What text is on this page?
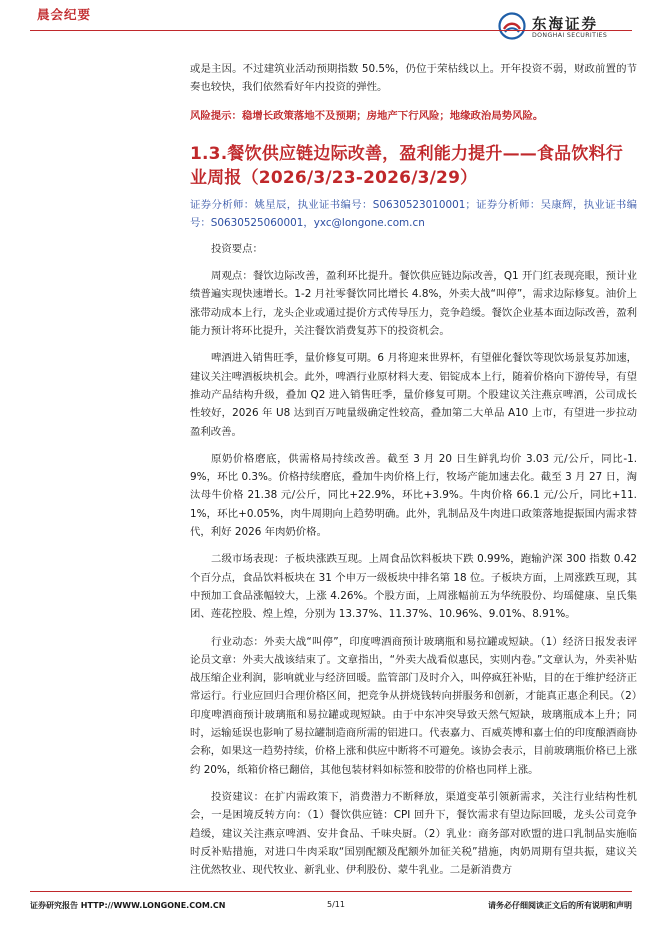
晨会纪要
东海证券
DONGHAI SECURITIES

或是主因。不过建筑业活动预期指数 50.5%，仍位于荣枯线以上。开年投资不弱，财政前置的节奏也较快，我们依然看好年内投资的弹性。

风险提示：稳增长政策落地不及预期；房地产下行风险；地缘政治局势风险。
1.3.餐饮供应链边际改善，盈利能力提升——食品饮料行业周报（2026/3/23-2026/3/29）
证券分析师：姚星辰，执业证书编号：S0630523010001；证券分析师：吴康辉，执业证书编号：S0630525060001，yxc@longone.com.cn

投资要点：

周观点：餐饮边际改善，盈利环比提升。餐饮供应链边际改善，Q1 开门红表现亮眼，预计业绩普遍实现快速增长。1-2 月社零餐饮同比增长 4.8%，外卖大战“叫停”，需求边际修复。油价上涨带动成本上行，龙头企业或通过提价方式传导压力，竞争趋缓。餐饮企业基本面边际改善，盈利能力预计将环比提升，关注餐饮消费复苏下的投资机会。

啤酒进入销售旺季，量价修复可期。6 月将迎来世界杯，有望催化餐饮等现饮场景复苏加速，建议关注啤酒板块机会。此外，啤酒行业原材料大麦、铝锭成本上行，随着价格向下游传导，有望推动产品结构升级，叠加 Q2 进入销售旺季，量价修复可期。个股建议关注燕京啤酒，公司成长性较好，2026 年 U8 达到百万吨量级确定性较高，叠加第二大单品 A10 上市，有望进一步拉动盈利改善。

原奶价格磨底，供需格局持续改善。截至 3 月 20 日生鲜乳均价 3.03 元/公斤，同比-1.9%，环比 0.3%。价格持续磨底，叠加牛肉价格上行，牧场产能加速去化。截至 3 月 27 日，淘汰母牛价格 21.38 元/公斤，同比+22.9%，环比+3.9%。牛肉价格 66.1 元/公斤，同比+11.1%，环比+0.05%，肉牛周期向上趋势明确。此外，乳制品及牛肉进口政策落地提振国内需求替代，利好 2026 年肉奶价格。

二级市场表现：子板块涨跌互现。上周食品饮料板块下跌 0.99%，跑输沪深 300 指数 0.42 个百分点，食品饮料板块在 31 个申万一级板块中排名第 18 位。子板块方面，上周涨跌互现，其中预加工食品涨幅较大，上涨 4.26%。个股方面，上周涨幅前五为华统股份、均瑶健康、皇氏集团、莲花控股、煌上煌，分别为 13.37%、11.37%、10.96%、9.01%、8.91%。

行业动态：外卖大战“叫停”，印度啤酒商预计玻璃瓶和易拉罐或短缺。（1）经济日报发表评论员文章：外卖大战该结束了。文章指出，“外卖大战看似惠民，实则内卷。”文章认为，外卖补贴战压缩企业利润，影响就业与经济回暖。监管部门及时介入，叫停疯狂补贴，目的在于维护经济正常运行。行业应回归合理价格区间，把竞争从拼烧钱转向拼服务和创新，才能真正惠企利民。（2）印度啤酒商预计玻璃瓶和易拉罐或现短缺。由于中东冲突导致天然气短缺，玻璃瓶成本上升；同时，运输延误也影响了易拉罐制造商所需的铝进口。代表嘉力、百威英博和嘉士伯的印度酿酒商协会称，如果这一趋势持续，价格上涨和供应中断将不可避免。该协会表示，目前玻璃瓶价格已上涨约 20%，纸箱价格已翻倍，其他包装材料如标签和胶带的价格也同样上涨。

投资建议：在扩内需政策下，消费潜力不断释放，渠道变革引领新需求，关注行业结构性机会，一是困境反转方向：（1）餐饮供应链：CPI 回升下，餐饮需求有望边际回暖，龙头公司竞争趋缓，建议关注燕京啤酒、安井食品、千味央厨。（2）乳业：商务部对欧盟的进口乳制品实施临时反补贴措施，对进口牛肉采取“国别配额及配额外加征关税”措施，肉奶周期有望共振，建议关注优然牧业、现代牧业、新乳业、伊利股份、蒙牛乳业。二是新消费方

证券研究报告 HTTP://WWW.LONGONE.COM.CN	5/11	请务必仔细阅读正文后的所有说明和声明
